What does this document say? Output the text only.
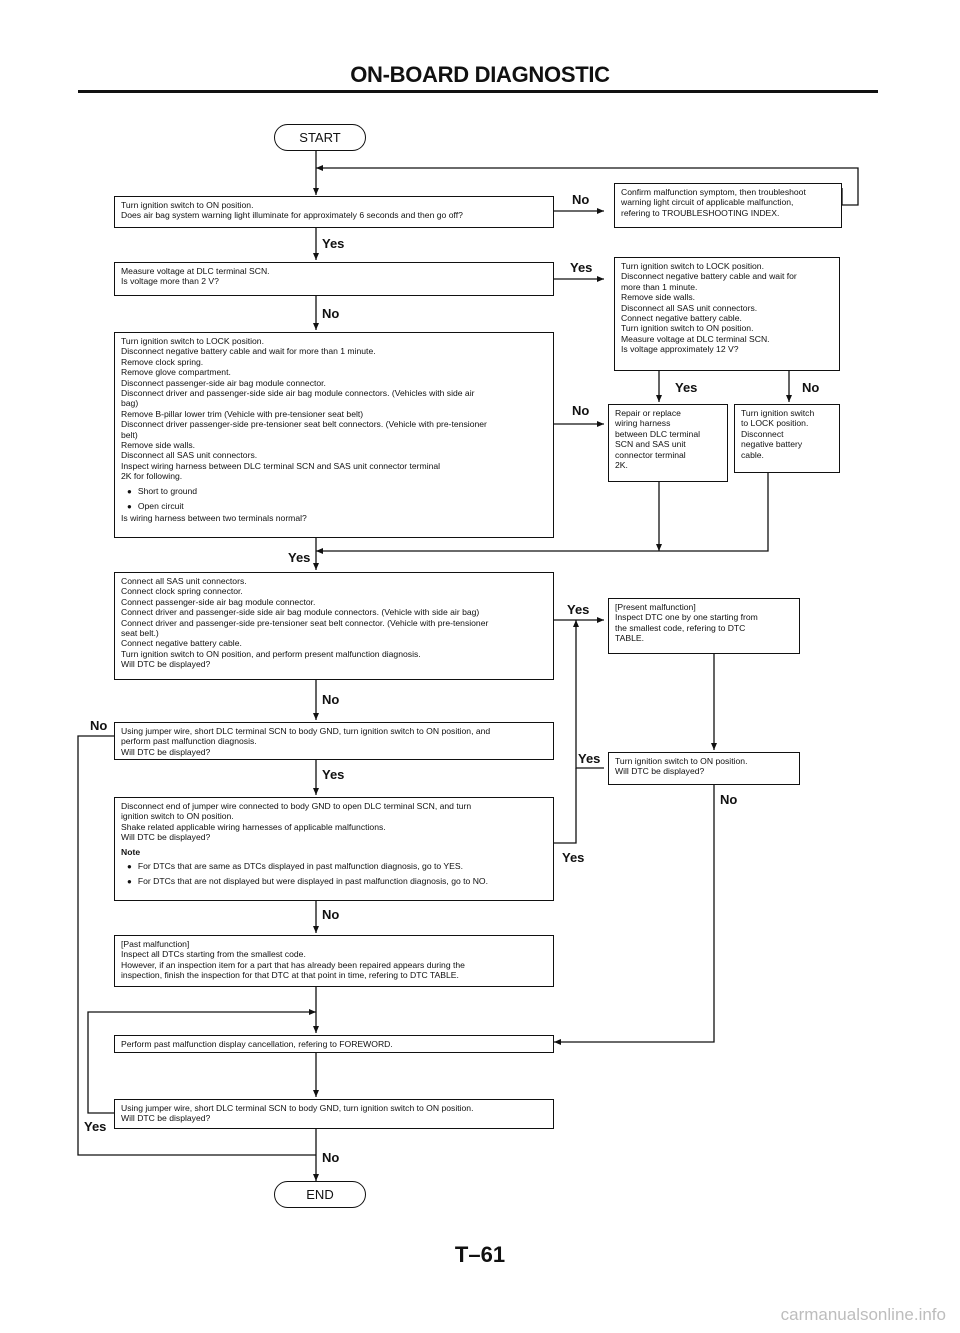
ON-BOARD DIAGNOSTIC
START
END
Turn ignition switch to ON position.
Does air bag system warning light illuminate for approximately 6 seconds and then go off?
Confirm malfunction symptom, then troubleshoot
warning light circuit of applicable malfunction,
refering to TROUBLESHOOTING INDEX.
Measure voltage at DLC terminal SCN.
Is voltage more than 2 V?
Turn ignition switch to LOCK position.
Disconnect negative battery cable and wait for
more than 1 minute.
Remove side walls.
Disconnect all SAS unit connectors.
Connect negative battery cable.
Turn ignition switch to ON position.
Measure voltage at DLC terminal SCN.
Is voltage approximately 12 V?
Turn ignition switch to LOCK position.
Disconnect negative battery cable and wait for more than 1 minute.
Remove clock spring.
Remove glove compartment.
Disconnect passenger-side air bag module connector.
Disconnect driver and passenger-side side air bag module connectors. (Vehicles with side air
bag)
Remove B-pillar lower trim (Vehicle with pre-tensioner seat belt)
Disconnect driver passenger-side pre-tensioner seat belt connectors. (Vehicle with pre-tensioner
belt)
Remove side walls.
Disconnect all SAS unit connectors.
Inspect wiring harness between DLC terminal SCN and SAS unit connector terminal
2K for following.
● Short to ground
● Open circuit
Is wiring harness between two terminals normal?
Repair or replace
wiring harness
between DLC terminal
SCN and SAS unit
connector terminal
2K.
Turn ignition switch
to LOCK position.
Disconnect
negative battery
cable.
Connect all SAS unit connectors.
Connect clock spring connector.
Connect passenger-side air bag module connector.
Connect driver and passenger-side side air bag module connectors. (Vehicle with side air bag)
Connect driver and passenger-side pre-tensioner seat belt connector. (Vehicle with pre-tensioner
seat belt.)
Connect negative battery cable.
Turn ignition switch to ON position, and perform present malfunction diagnosis.
Will DTC be displayed?
[Present malfunction]
Inspect DTC one by one starting from
the smallest code, refering to DTC
TABLE.
Using jumper wire, short DLC terminal SCN to body GND, turn ignition switch to ON position, and
perform past malfunction diagnosis.
Will DTC be displayed?
Turn ignition switch to ON position.
Will DTC be displayed?
Disconnect end of jumper wire connected to body GND to open DLC terminal SCN, and turn
ignition switch to ON position.
Shake related applicable wiring harnesses of applicable malfunctions.
Will DTC be displayed?
Note
● For DTCs that are same as DTCs displayed in past malfunction diagnosis, go to YES.
● For DTCs that are not displayed but were displayed in past malfunction diagnosis, go to NO.
[Past malfunction]
Inspect all DTCs starting from the smallest code.
However, if an inspection item for a part that has already been repaired appears during the
inspection, finish the inspection for that DTC at that point in time, refering to DTC TABLE.
Perform past malfunction display cancellation, refering to FOREWORD.
Using jumper wire, short DLC terminal SCN to body GND, turn ignition switch to ON position.
Will DTC be displayed?
No
Yes
Yes
No
Yes	No
No
Yes
Yes
No
No
Yes
Yes
No
Yes
No
Yes
No
T–61
carmanualsonline.info
